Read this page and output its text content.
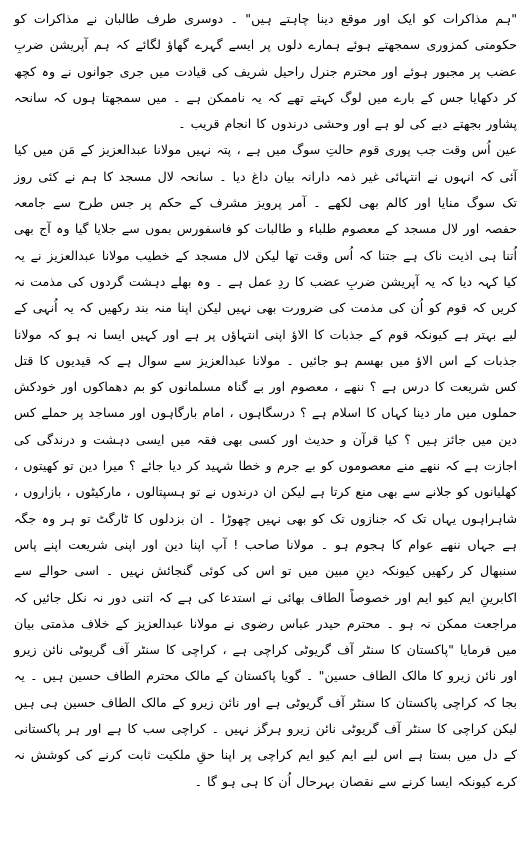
"ہم مذاکرات کو ایک اور موقع دینا چاہتے ہیں" ۔ دوسری طرف طالبان نے مذاکرات کو حکومتی کمزوری سمجھتے ہوئے ہمارے دلوں پر ایسے گہرے گھاؤ لگائے کہ ہم آپریشن ضربِ عضب پر مجبور ہوئے اور محترم جنرل راحیل شریف کی قیادت میں جری جوانوں نے وہ کچھ کر دکھایا جس کے بارے میں لوگ کہتے تھے کہ یہ ناممکن ہے ۔ میں سمجھتا ہوں کہ سانحہ پشاور بجھتے دیے کی لو ہے اور وحشی درندوں کا انجام قریب ۔

عین اُس وقت جب پوری قوم حالتِ سوگ میں ہے ، پتہ نہیں مولانا عبدالعزیز کے مَن میں کیا آئی کہ انہوں نے انتہائی غیر ذمہ دارانہ بیان داغ دیا ۔ سانحہ لال مسجد کا ہم نے کئی روز تک سوگ منایا اور کالم بھی لکھے ۔ آمر پرویز مشرف کے حکم پر جس طرح سے جامعہ حفصہ اور لال مسجد کے معصوم طلباء و طالبات کو فاسفورس بموں سے جلایا گیا وہ آج بھی اُتنا ہی اذیت ناک ہے جتنا کہ اُس وقت تھا لیکن لال مسجد کے خطیب مولانا عبدالعزیز نے یہ کیا کہہ دیا کہ یہ آپریشن ضربِ عضب کا ردِ عمل ہے ۔ وہ بھلے دہشت گردوں کی مذمت نہ کریں کہ قوم کو اُن کی مذمت کی ضرورت بھی نہیں لیکن اپنا منہ بند رکھیں کہ یہ اُنہی کے لیے بہتر ہے کیونکہ قوم کے جذبات کا الاؤ اپنی انتہاؤں پر ہے اور کہیں ایسا نہ ہو کہ مولانا جذبات کے اس الاؤ میں بھسم ہو جائیں ۔ مولانا عبدالعزیز سے سوال ہے کہ قیدیوں کا قتل کس شریعت کا درس ہے ؟ ننھے ، معصوم اور بے گناہ مسلمانوں کو بم دھماکوں اور خودکش حملوں میں مار دینا کہاں کا اسلام ہے ؟ درسگاہوں ، امام بارگاہوں اور مساجد پر حملے کس دین میں جائز ہیں ؟ کیا قرآن و حدیث اور کسی بھی فقہ میں ایسی دہشت و درندگی کی اجازت ہے کہ ننھے منے معصوموں کو بے جرم و خطا شہید کر دیا جائے ؟ میرا دین تو کھیتوں ، کھلیانوں کو جلانے سے بھی منع کرتا ہے لیکن ان درندوں نے تو ہسپتالوں ، مارکیٹوں ، بازاروں ، شاہراہوں یہاں تک کہ جنازوں تک کو بھی نہیں چھوڑا ۔ ان بزدلوں کا ٹارگٹ تو ہر وہ جگہ ہے جہاں ننھے عوام کا ہجوم ہو ۔ مولانا صاحب ! آپ اپنا دین اور اپنی شریعت اپنے پاس سنبھال کر رکھیں کیونکہ دینِ مبین میں تو اس کی کوئی گنجائش نہیں ۔ اسی حوالے سے اکابرینِ ایم کیو ایم اور خصوصاً الطاف بھائی نے استدعا کی ہے کہ اتنی دور نہ نکل جائیں کہ مراجعت ممکن نہ ہو ۔ محترم حیدر عباس رضوی نے مولانا عبدالعزیز کے خلاف مذمتی بیان میں فرمایا "پاکستان کا سنٹر آف گریوٹی کراچی ہے ، کراچی کا سنٹر آف گریوٹی نائن زیرو اور نائن زیرو کا مالک الطاف حسین" ۔ گویا پاکستان کے مالک محترم الطاف حسین ہیں ۔ یہ بجا کہ کراچی پاکستان کا سنٹر آف گریوٹی ہے اور نائن زیرو کے مالک الطاف حسین ہی ہیں لیکن کراچی کا سنٹر آف گریوٹی نائن زیرو ہرگز نہیں ۔ کراچی سب کا ہے اور ہر پاکستانی کے دل میں بستا ہے اس لیے ایم کیو ایم کراچی پر اپنا حقِ ملکیت ثابت کرنے کی کوشش نہ کرے کیونکہ ایسا کرنے سے نقصان بہرحال اُن کا ہی ہو گا ۔
